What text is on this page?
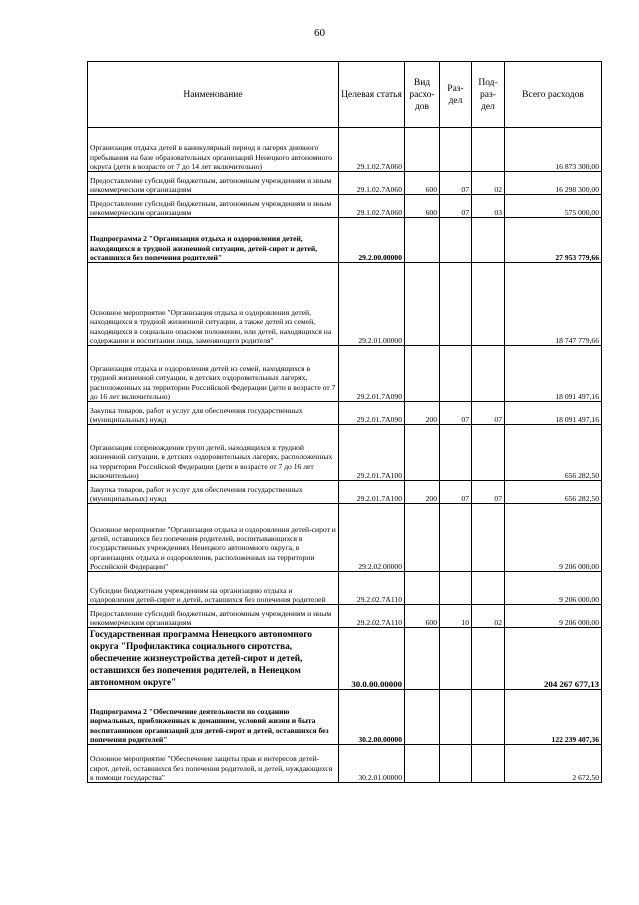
60
Наименование	Целевая статья	Вид расхо-дов	Раз-дел	Под-раз-дел	Всего расходов
Организация отдыха детей в каникулярный период в лагерях дневного пребывания на базе образовательных организаций Ненецкого автономного округа (дети в возрасте от 7 до 14 лет включительно)	29.1.02.7А060				16 873 300,00
Предоставление субсидий бюджетным, автономным учреждениям и иным некоммерческим организациям	29.1.02.7А060	600	07	02	16 298 300,00
Предоставление субсидий бюджетным, автономным учреждениям и иным некоммерческим организациям	29.1.02.7А060	600	07	03	575 000,00
Подпрограмма 2 "Организация отдыха и оздоровления детей, находящихся в трудной жизненной ситуации, детей-сирот и детей, оставшихся без попечения родителей"	29.2.00.00000				27 953 779,66
Основное мероприятие "Организация отдыха и оздоровления детей, находящихся в трудной жизненной ситуации, а также детей из семей, находящихся в социально опасном положении, или детей, находящихся на содержании и воспитании лица, заменяющего родителя"	29.2.01.00000				18 747 779,66
Организация отдыха и оздоровления детей из семей, находящихся в трудной жизненной ситуации, в детских оздоровительных лагерях, расположенных на территории Российской Федерации (дети в возрасте от 7 до 16 лет включительно)	29.2.01.7А090				18 091 497,16
Закупка товаров, работ и услуг для обеспечения государственных (муниципальных) нужд	29.2.01.7А090	200	07	07	18 091 497,16
Организация сопровождения групп детей, находящихся в трудной жизненной ситуации, в детских оздоровительных лагерях, расположенных на территории Российской Федерации (дети в возрасте от 7 до 16 лет включительно)	29.2.01.7А100				656 282,50
Закупка товаров, работ и услуг для обеспечения государственных (муниципальных) нужд	29.2.01.7А100	200	07	07	656 282,50
Основное мероприятие "Организация отдыха и оздоровления детей-сирот и детей, оставшихся без попечения родителей, воспитывающихся в государственных учреждениях Ненецкого автономного округа, в организациях отдыха и оздоровления, расположенных на территории Российской Федерации"	29.2.02.00000				9 206 000,00
Субсидии бюджетным учреждениям на организацию отдыха и оздоровления детей-сирот и детей, оставшихся без попечения родителей	29.2.02.7А110				9 206 000,00
Предоставление субсидий бюджетным, автономным учреждениям и иным некоммерческим организациям	29.2.02.7А110	600	10	02	9 206 000,00
Государственная программа Ненецкого автономного округа "Профилактика социального сиротства, обеспечение жизнеустройства детей-сирот и детей, оставшихся без попечения родителей, в Ненецком автономном округе"	30.0.00.00000				204 267 677,13
Подпрограмма 2 "Обеспечение деятельности по созданию нормальных, приближенных к домашним, условий жизни и быта воспитанников организаций для детей-сирот и детей, оставшихся без попечения родителей"	30.2.00.00000				122 239 407,36
Основное мероприятие "Обеспечение защиты прав и интересов детей-сирот, детей, оставшихся без попечения родителей, и детей, нуждающихся в помощи государства"	30.2.01.00000				2 672,50
